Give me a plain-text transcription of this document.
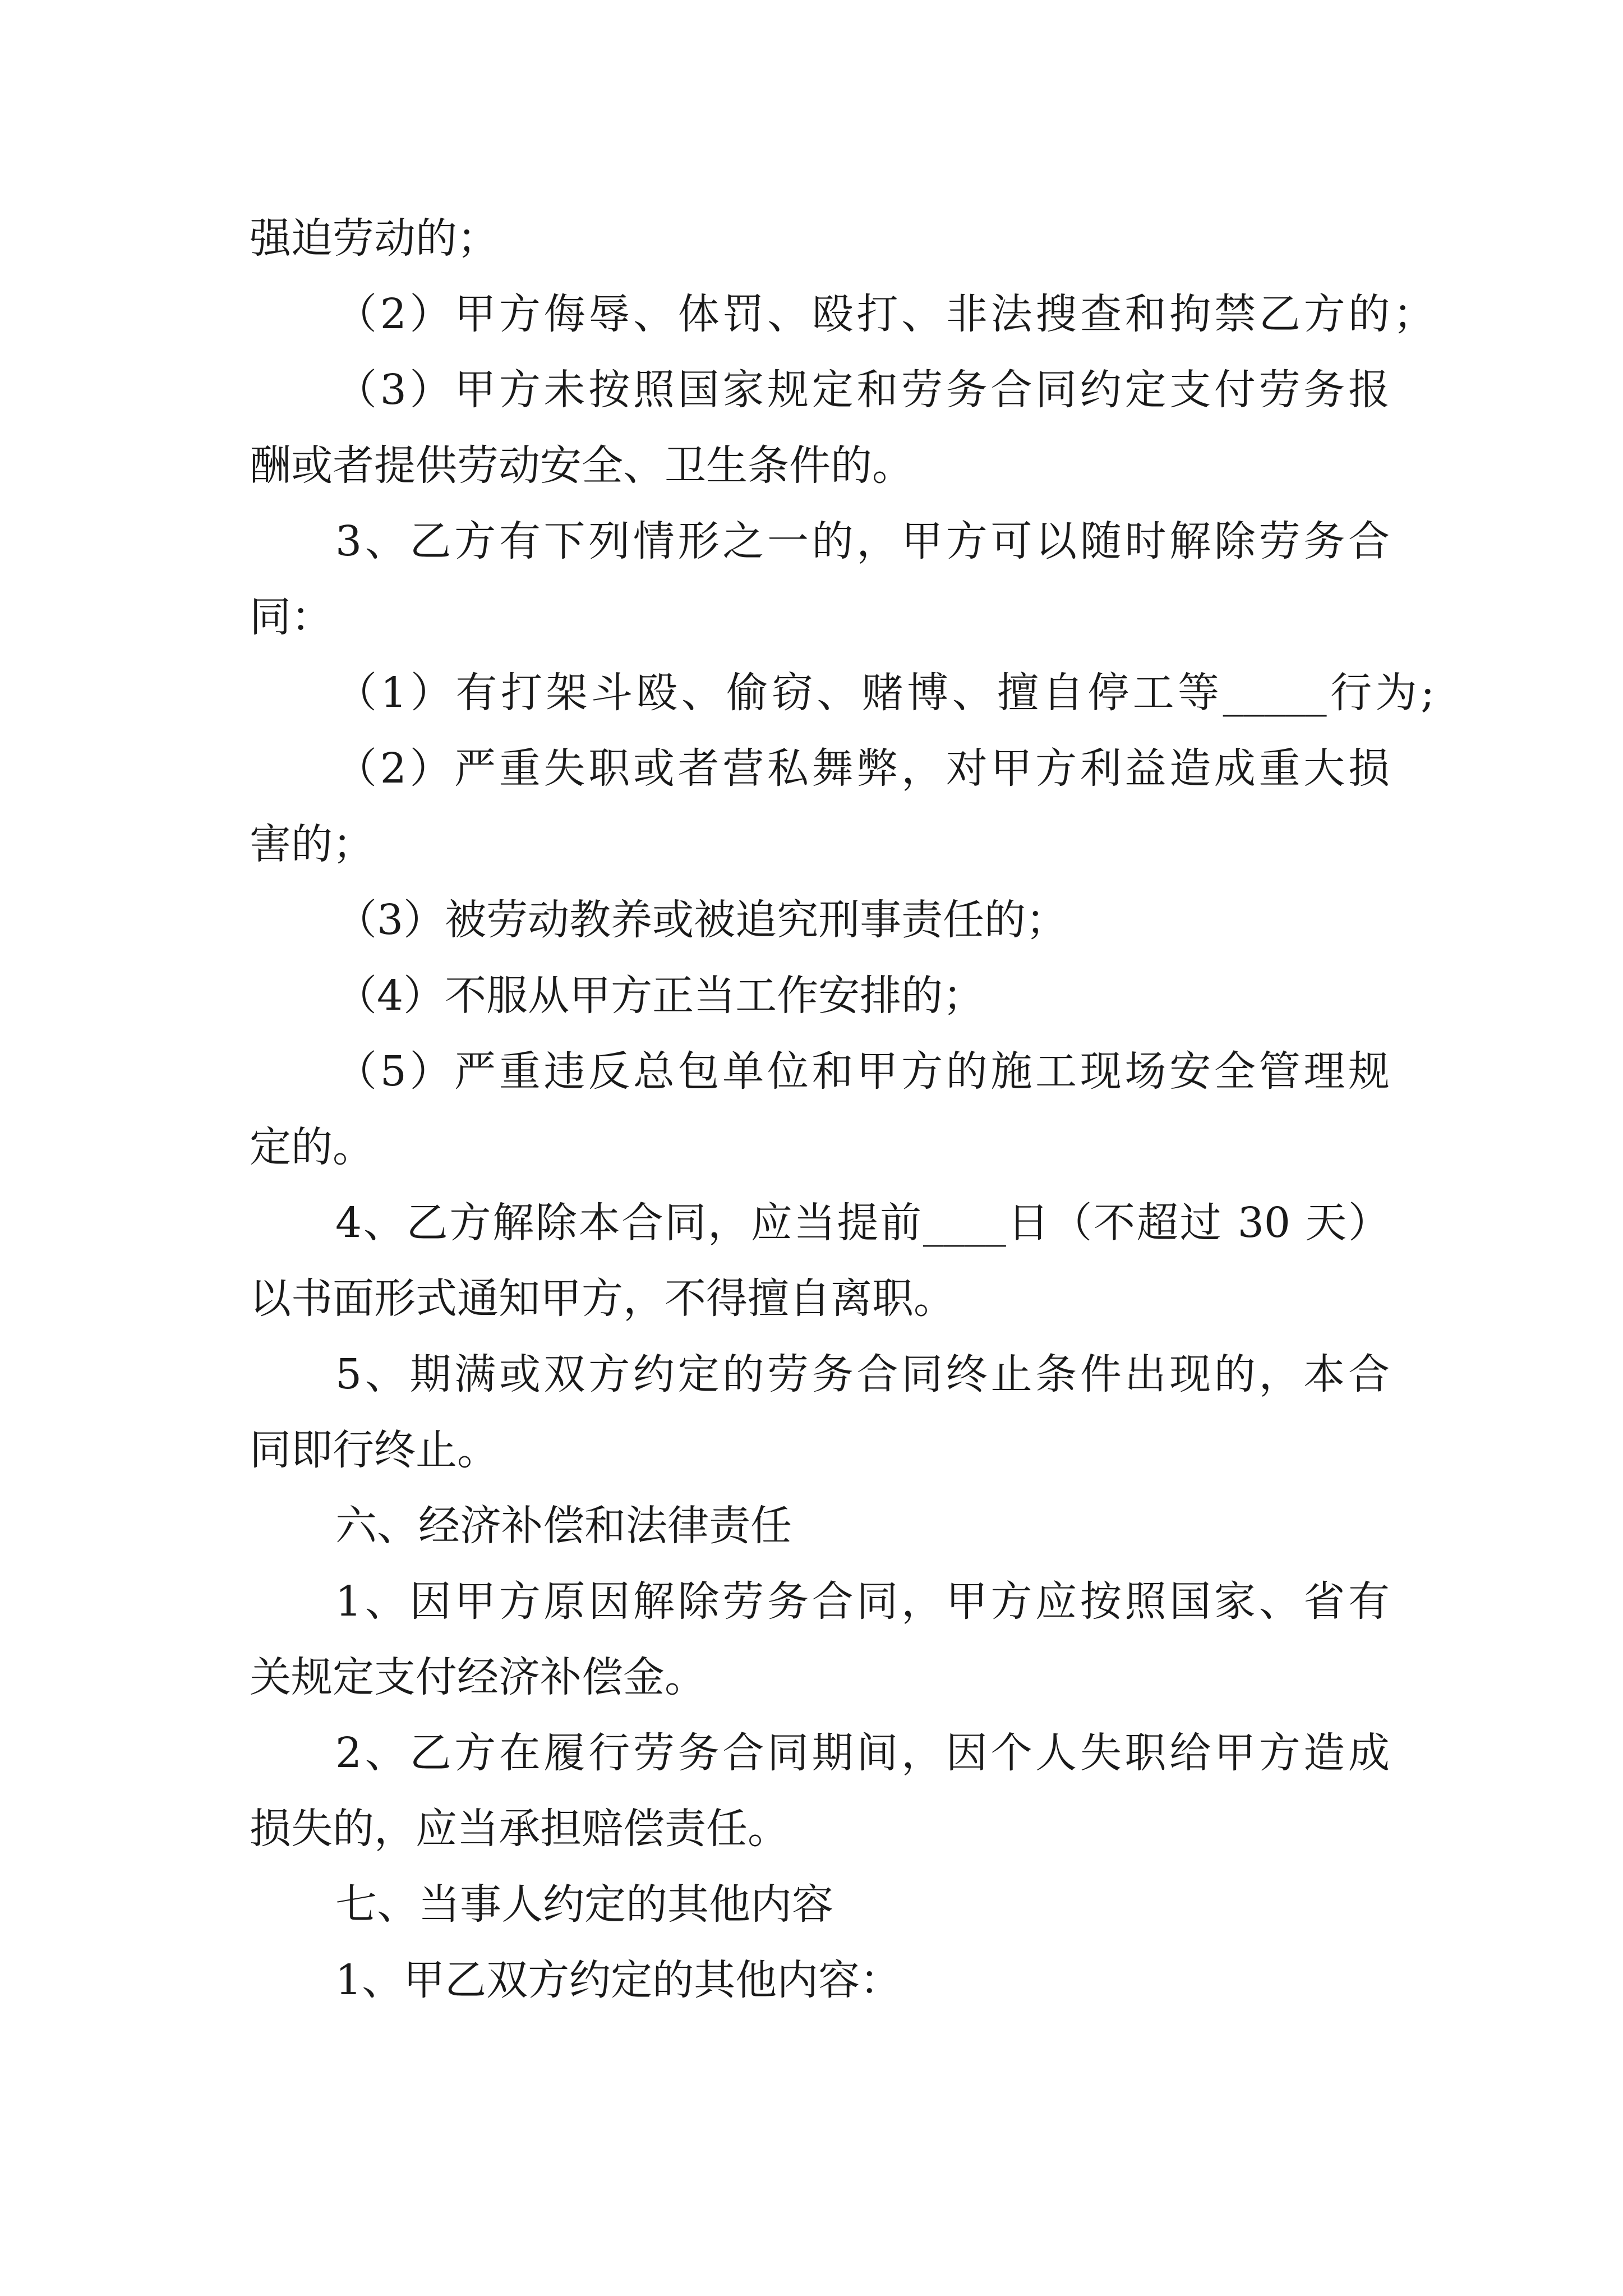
强迫劳动的；
（2）甲方侮辱、体罚、殴打、非法搜查和拘禁乙方的；
（3）甲方未按照国家规定和劳务合同约定支付劳务报
酬或者提供劳动安全、卫生条件的。
3、乙方有下列情形之一的，甲方可以随时解除劳务合
同：
（1）有打架斗殴、偷窃、赌博、擅自停工等_____行为;
（2）严重失职或者营私舞弊，对甲方利益造成重大损
害的；
（3）被劳动教养或被追究刑事责任的；
（4）不服从甲方正当工作安排的；
（5）严重违反总包单位和甲方的施工现场安全管理规
定的。
4、乙方解除本合同，应当提前____日（不超过 30 天）
以书面形式通知甲方，不得擅自离职。
5、期满或双方约定的劳务合同终止条件出现的，本合
同即行终止。
六、经济补偿和法律责任
1、因甲方原因解除劳务合同，甲方应按照国家、省有
关规定支付经济补偿金。
2、乙方在履行劳务合同期间，因个人失职给甲方造成
损失的，应当承担赔偿责任。
七、当事人约定的其他内容
1、甲乙双方约定的其他内容：
